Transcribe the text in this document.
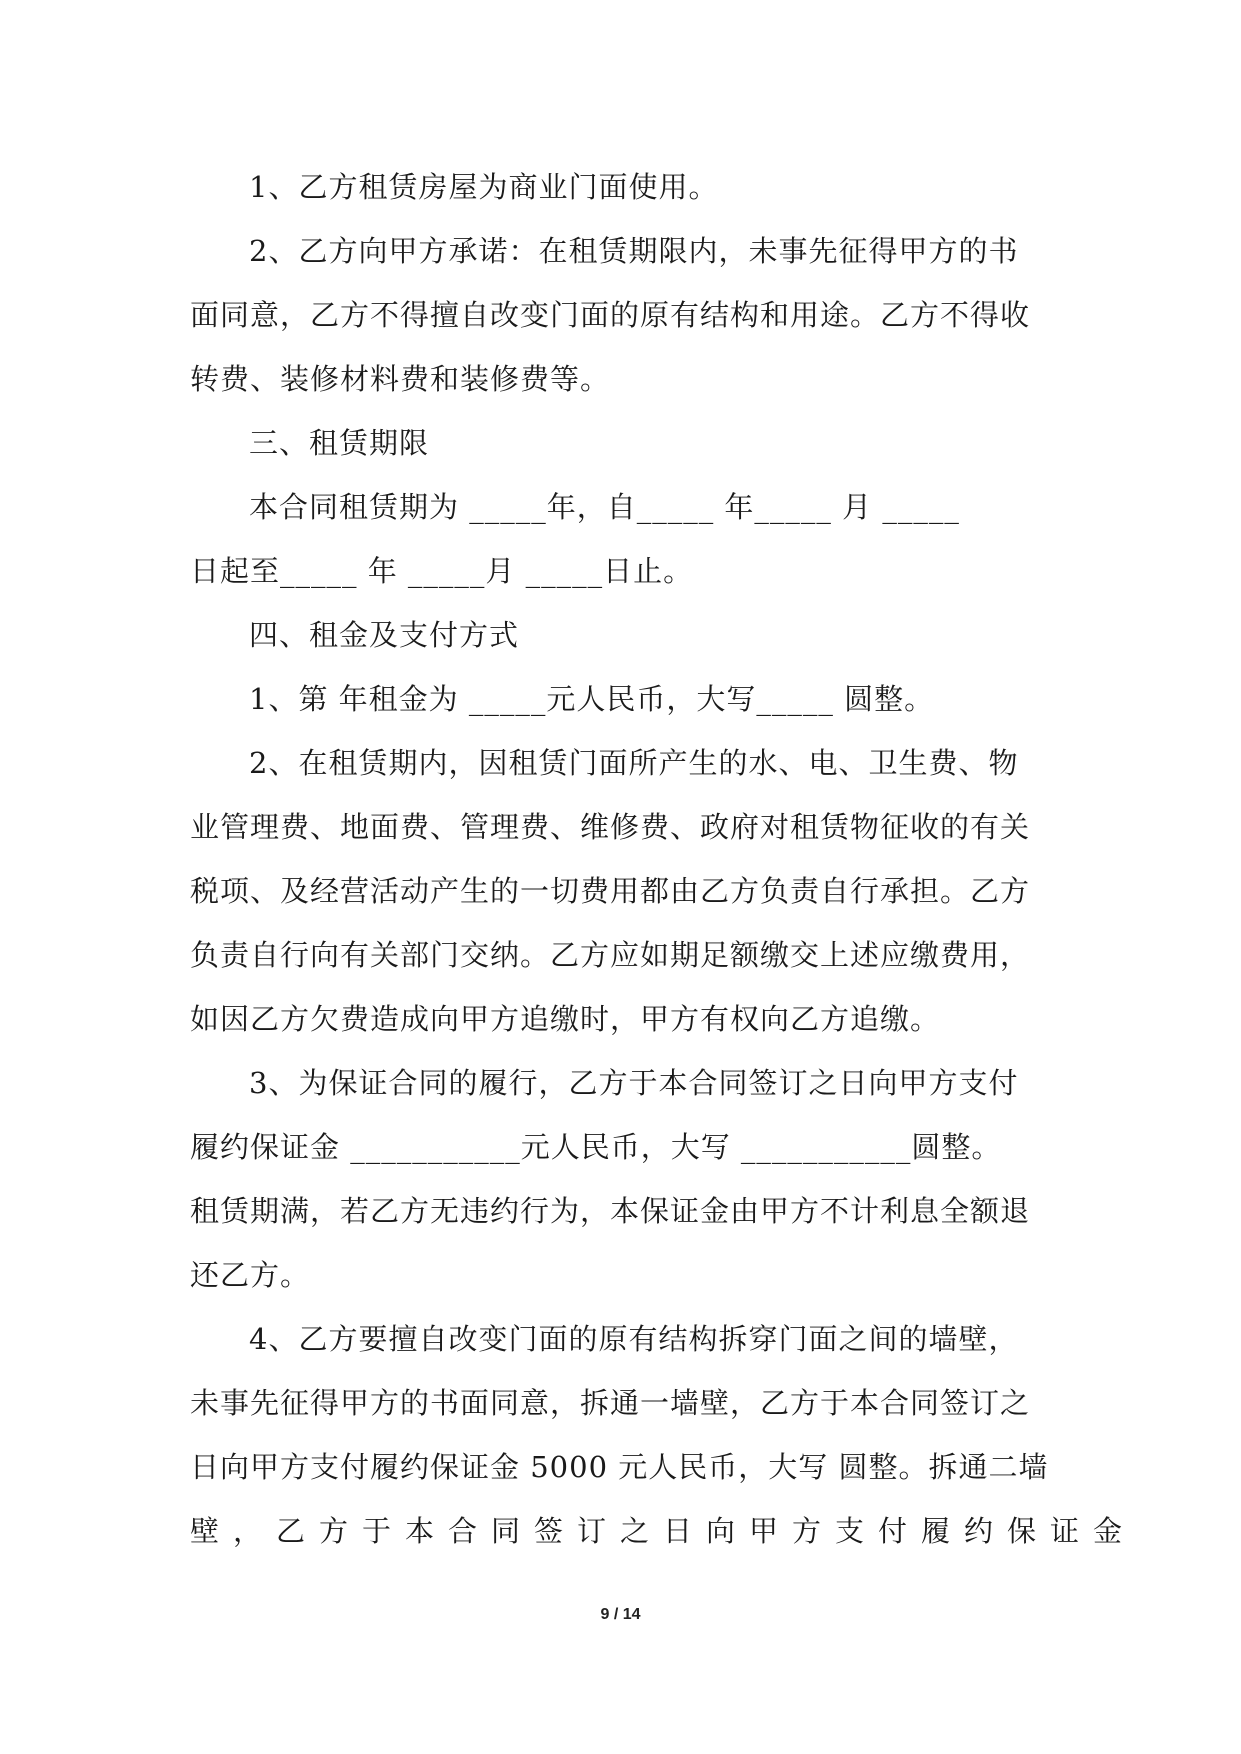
1、乙方租赁房屋为商业门面使用。
2、乙方向甲方承诺：在租赁期限内，未事先征得甲方的书
面同意，乙方不得擅自改变门面的原有结构和用途。乙方不得收
转费、装修材料费和装修费等。
三、租赁期限
本合同租赁期为 _____年，自_____ 年_____ 月 _____
日起至_____ 年 _____月 _____日止。
四、租金及支付方式
1、第 年租金为 _____元人民币，大写_____ 圆整。
2、在租赁期内，因租赁门面所产生的水、电、卫生费、物
业管理费、地面费、管理费、维修费、政府对租赁物征收的有关
税项、及经营活动产生的一切费用都由乙方负责自行承担。乙方
负责自行向有关部门交纳。乙方应如期足额缴交上述应缴费用，
如因乙方欠费造成向甲方追缴时，甲方有权向乙方追缴。
3、为保证合同的履行，乙方于本合同签订之日向甲方支付
履约保证金 ___________元人民币，大写 ___________圆整。
租赁期满，若乙方无违约行为，本保证金由甲方不计利息全额退
还乙方。
4、乙方要擅自改变门面的原有结构拆穿门面之间的墙壁，
未事先征得甲方的书面同意，拆通一墙壁，乙方于本合同签订之
日向甲方支付履约保证金 5000 元人民币，大写 圆整。拆通二墙
壁，乙方于本合同签订之日向甲方支付履约保证金
9 / 14
